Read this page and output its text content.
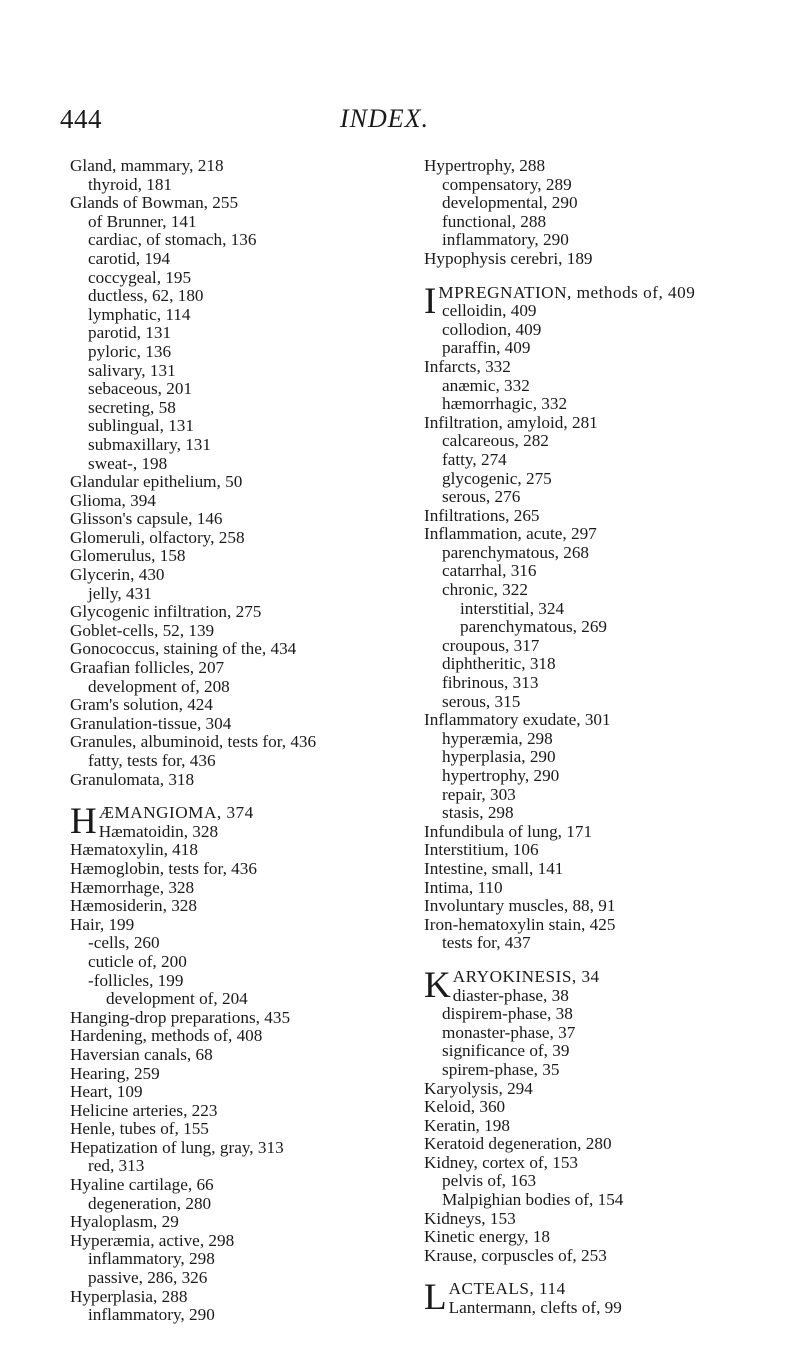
444	INDEX.
Gland, mammary, 218
thyroid, 181
Glands of Bowman, 255
of Brunner, 141
cardiac, of stomach, 136
carotid, 194
coccygeal, 195
ductless, 62, 180
lymphatic, 114
parotid, 131
pyloric, 136
salivary, 131
sebaceous, 201
secreting, 58
sublingual, 131
submaxillary, 131
sweat-, 198
Glandular epithelium, 50
Glioma, 394
Glisson's capsule, 146
Glomeruli, olfactory, 258
Glomerulus, 158
Glycerin, 430
jelly, 431
Glycogenic infiltration, 275
Goblet-cells, 52, 139
Gonococcus, staining of the, 434
Graafian follicles, 207
development of, 208
Gram's solution, 424
Granulation-tissue, 304
Granules, albuminoid, tests for, 436
fatty, tests for, 436
Granulomata, 318
HÆMANGIOMA, 374
Hæmatoidin, 328
Hæmatoxylin, 418
Hæmoglobin, tests for, 436
Hæmorrhage, 328
Hæmosiderin, 328
Hair, 199
-cells, 260
cuticle of, 200
-follicles, 199
development of, 204
Hanging-drop preparations, 435
Hardening, methods of, 408
Haversian canals, 68
Hearing, 259
Heart, 109
Helicine arteries, 223
Henle, tubes of, 155
Hepatization of lung, gray, 313
red, 313
Hyaline cartilage, 66
degeneration, 280
Hyaloplasm, 29
Hyperæmia, active, 298
inflammatory, 298
passive, 286, 326
Hyperplasia, 288
inflammatory, 290
Hypertrophy, 288
compensatory, 289
developmental, 290
functional, 288
inflammatory, 290
Hypophysis cerebri, 189
IMPREGNATION, methods of, 409
celloidin, 409
collodion, 409
paraffin, 409
Infarcts, 332
anæmic, 332
hæmorrhagic, 332
Infiltration, amyloid, 281
calcareous, 282
fatty, 274
glycogenic, 275
serous, 276
Infiltrations, 265
Inflammation, acute, 297
parenchymatous, 268
catarrhal, 316
chronic, 322
interstitial, 324
parenchymatous, 269
croupous, 317
diphtheritic, 318
fibrinous, 313
serous, 315
Inflammatory exudate, 301
hyperæmia, 298
hyperplasia, 290
hypertrophy, 290
repair, 303
stasis, 298
Infundibula of lung, 171
Interstitium, 106
Intestine, small, 141
Intima, 110
Involuntary muscles, 88, 91
Iron-hematoxylin stain, 425
tests for, 437
KARYOKINESIS, 34
diaster-phase, 38
dispirem-phase, 38
monaster-phase, 37
significance of, 39
spirem-phase, 35
Karyolysis, 294
Keloid, 360
Keratin, 198
Keratoid degeneration, 280
Kidney, cortex of, 153
pelvis of, 163
Malpighian bodies of, 154
Kidneys, 153
Kinetic energy, 18
Krause, corpuscles of, 253
LACTEALS, 114
Lantermann, clefts of, 99
